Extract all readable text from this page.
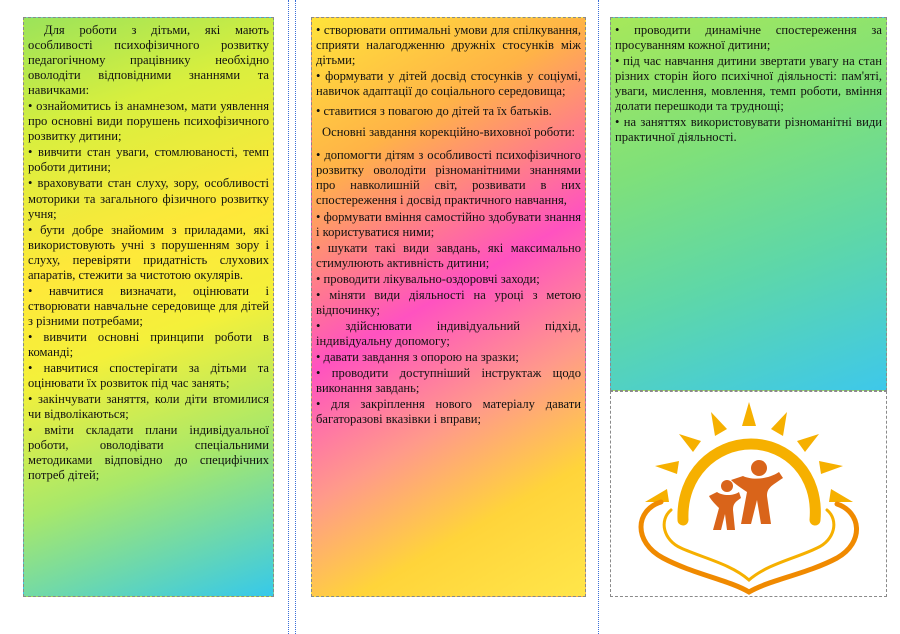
Для роботи з дітьми, які мають особливості психофізичного розвитку педагогічному працівнику необхідно оволодіти відповідними знаннями та навичками:

• ознайомитись із анамнезом, мати уявлення про основні види порушень психофізичного розвитку дитини;

• вивчити стан уваги, стомлюваності, темп роботи дитини;

• враховувати стан слуху, зору, особливості моторики та загального фізичного розвитку учня;

• бути добре знайомим з приладами, які використовують учні з порушенням зору і слуху, перевіряти придатність слухових апаратів, стежити за чистотою окулярів.

• навчитися визначати, оцінювати і створювати навчальне середовище для дітей з різними потребами;

• вивчити основні принципи роботи в команді;

• навчитися спостерігати за дітьми та оцінювати їх розвиток під час занять;

• закінчувати заняття, коли діти втомилися чи відволікаються;

• вміти складати плани індивідуальної роботи, оволодівати спеціальними методиками відповідно до специфічних потреб дітей;

• створювати оптимальні умови для спілкування, сприяти налагодженню дружніх стосунків між дітьми;

• формувати у дітей досвід стосунків у соціумі, навичок адаптації до соціального середовища;

• ставитися з повагою до дітей та їх батьків.

Основні завдання корекційно-виховної роботи:

• допомогти дітям з особливості психофізичного розвитку оволодіти різноманітними знаннями про навколишній світ, розвивати в них спостереження і досвід практичного навчання,

• формувати вміння самостійно здобувати знання і користуватися ними;

• шукати такі види завдань, які максимально стимулюють активність дитини;

• проводити лікувально-оздоровчі заходи;

• міняти види діяльності на уроці з метою відпочинку;

• здійснювати індивідуальний підхід, індивідуальну допомогу;

• давати завдання з опорою на зразки;

• проводити доступніший інструктаж щодо виконання завдань;

• для закріплення нового матеріалу давати багаторазові вказівки і вправи;

• проводити динамічне спостереження за просуванням кожної дитини;

• під час навчання дитини звертати увагу на стан різних сторін його психічної діяльності: пам'яті, уваги, мислення, мовлення, темп роботи, вміння долати перешкоди та труднощі;

• на заняттях використовувати різноманітні види практичної діяльності.
